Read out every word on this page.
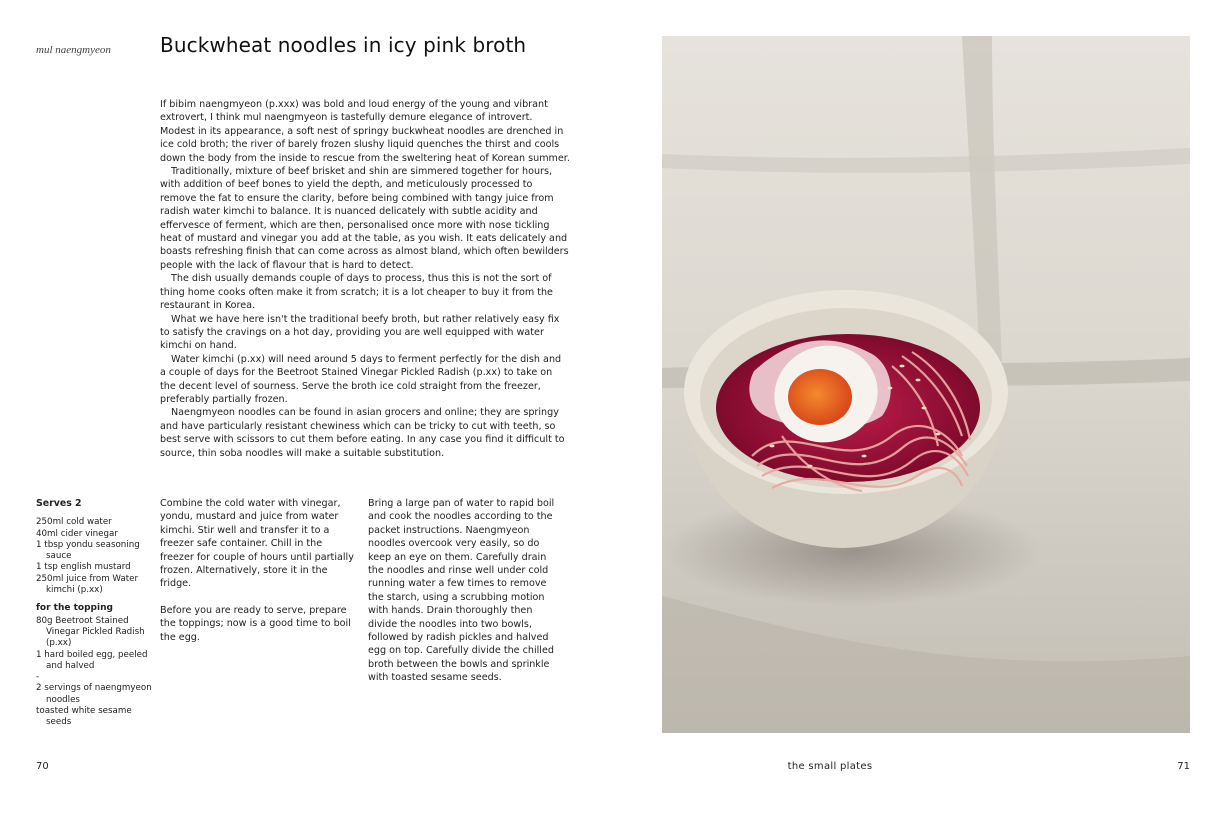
mul naengmyeon	Buckwheat noodles in icy pink broth

If bibim naengmyeon (p.xxx) was bold and loud energy of the young and vibrant extrovert, I think mul naengmyeon is tastefully demure elegance of introvert. Modest in its appearance, a soft nest of springy buckwheat noodles are drenched in ice cold broth; the river of barely frozen slushy liquid quenches the thirst and cools down the body from the inside to rescue from the sweltering heat of Korean summer.

Traditionally, mixture of beef brisket and shin are simmered together for hours, with addition of beef bones to yield the depth, and meticulously processed to remove the fat to ensure the clarity, before being combined with tangy juice from radish water kimchi to balance. It is nuanced delicately with subtle acidity and effervesce of ferment, which are then, personalised once more with nose tickling heat of mustard and vinegar you add at the table, as you wish. It eats delicately and boasts refreshing finish that can come across as almost bland, which often bewilders people with the lack of flavour that is hard to detect.

The dish usually demands couple of days to process, thus this is not the sort of thing home cooks often make it from scratch; it is a lot cheaper to buy it from the restaurant in Korea.

What we have here isn't the traditional beefy broth, but rather relatively easy fix to satisfy the cravings on a hot day, providing you are well equipped with water kimchi on hand.

Water kimchi (p.xx) will need around 5 days to ferment perfectly for the dish and a couple of days for the Beetroot Stained Vinegar Pickled Radish (p.xx) to take on the decent level of sourness. Serve the broth ice cold straight from the freezer, preferably partially frozen.

Naengmyeon noodles can be found in asian grocers and online; they are springy and have particularly resistant chewiness which can be tricky to cut with teeth, so best serve with scissors to cut them before eating. In any case you find it difficult to source, thin soba noodles will make a suitable substitution.

Serves 2
250ml cold water
40ml cider vinegar
1 tbsp yondu seasoning sauce
1 tsp english mustard
250ml juice from Water kimchi (p.xx)
for the topping
80g Beetroot Stained Vinegar Pickled Radish (p.xx)
1 hard boiled egg, peeled and halved
-
2 servings of naengmyeon noodles
toasted white sesame seeds

Combine the cold water with vinegar, yondu, mustard and juice from water kimchi. Stir well and transfer it to a freezer safe container. Chill in the freezer for couple of hours until partially frozen. Alternatively, store it in the fridge.

Before you are ready to serve, prepare the toppings; now is a good time to boil the egg.

Bring a large pan of water to rapid boil and cook the noodles according to the packet instructions. Naengmyeon noodles overcook very easily, so do keep an eye on them. Carefully drain the noodles and rinse well under cold running water a few times to remove the starch, using a scrubbing motion with hands. Drain thoroughly then divide the noodles into two bowls, followed by radish pickles and halved egg on top. Carefully divide the chilled broth between the bowls and sprinkle with toasted sesame seeds.

70	the small plates	71
